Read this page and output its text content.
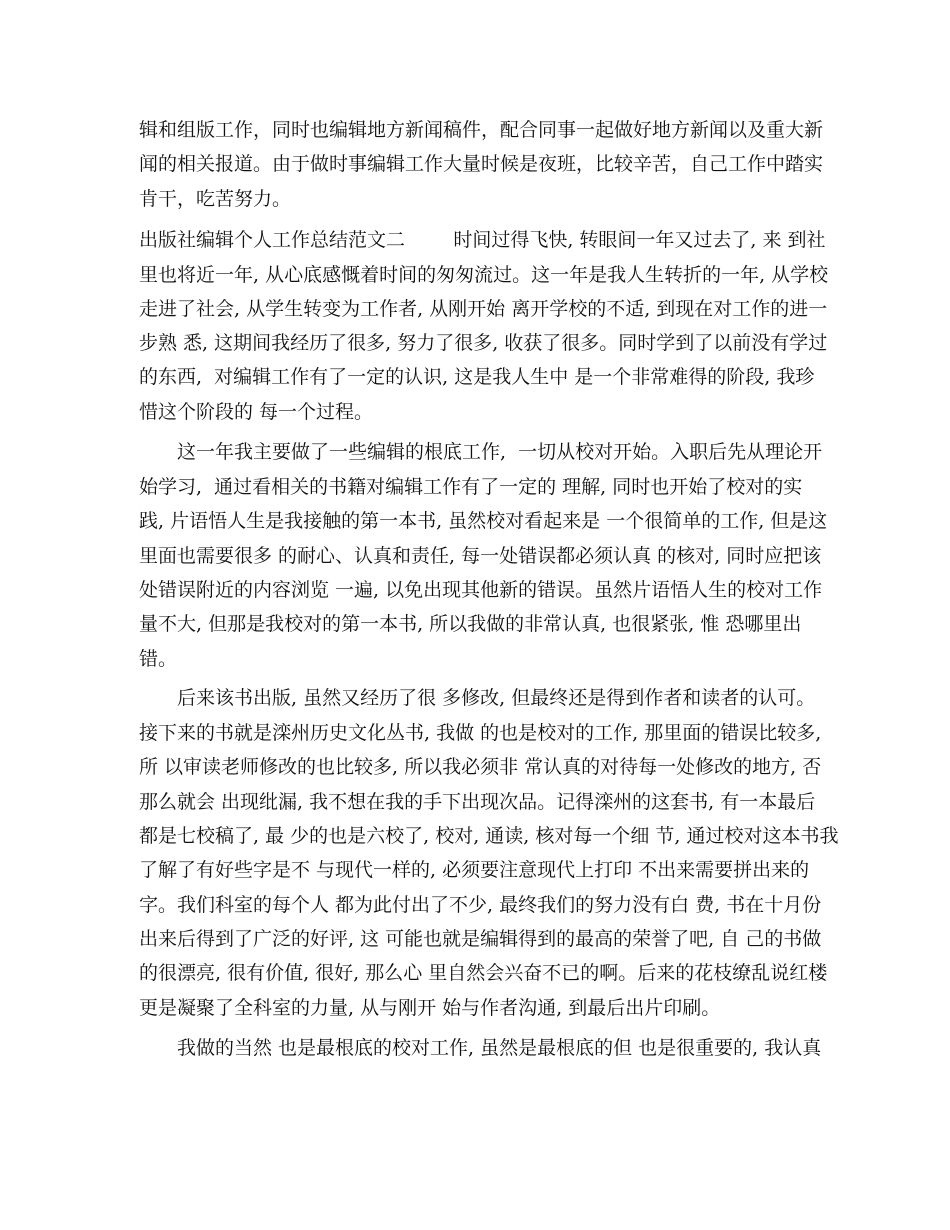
辑和组版工作，同时也编辑地方新闻稿件，配合同事一起做好地方新闻以及重大新
闻的相关报道。由于做时事编辑工作大量时候是夜班，比较辛苦，自己工作中踏实
肯干，吃苦努力。
出版社编辑个人工作总结范文二        时间过得飞快, 转眼间一年又过去了, 来 到社
里也将近一年, 从心底感慨着时间的匆匆流过。这一年是我人生转折的一年, 从学校
走进了社会, 从学生转变为工作者, 从刚开始 离开学校的不适, 到现在对工作的进一
步熟 悉, 这期间我经历了很多, 努力了很多, 收获了很多。同时学到了以前没有学过
的东西,  对编辑工作有了一定的认识, 这是我人生中 是一个非常难得的阶段, 我珍
惜这个阶段的 每一个过程。
这一年我主要做了一些编辑的根底工作,  一切从校对开始。入职后先从理论开
始学习,  通过看相关的书籍对编辑工作有了一定的 理解, 同时也开始了校对的实
践, 片语悟人生是我接触的第一本书, 虽然校对看起来是 一个很简单的工作, 但是这
里面也需要很多 的耐心、认真和责任, 每一处错误都必须认真 的核对, 同时应把该
处错误附近的内容浏览 一遍, 以免出现其他新的错误。虽然片语悟人生的校对工作
量不大, 但那是我校对的第一本书, 所以我做的非常认真, 也很紧张, 惟 恐哪里出
错。
后来该书出版, 虽然又经历了很 多修改, 但最终还是得到作者和读者的认可。
接下来的书就是滦州历史文化丛书, 我做 的也是校对的工作, 那里面的错误比较多,
所 以审读老师修改的也比较多, 所以我必须非 常认真的对待每一处修改的地方, 否
那么就会 出现纰漏, 我不想在我的手下出现次品。记得滦州的这套书, 有一本最后
都是七校稿了, 最 少的也是六校了, 校对, 通读, 核对每一个细 节, 通过校对这本书我
了解了有好些字是不 与现代一样的, 必须要注意现代上打印 不出来需要拼出来的
字。我们科室的每个人 都为此付出了不少, 最终我们的努力没有白 费, 书在十月份
出来后得到了广泛的好评, 这 可能也就是编辑得到的最高的荣誉了吧, 自 己的书做
的很漂亮, 很有价值, 很好, 那么心 里自然会兴奋不已的啊。后来的花枝缭乱说红楼
更是凝聚了全科室的力量, 从与刚开 始与作者沟通, 到最后出片印刷。
我做的当然 也是最根底的校对工作, 虽然是最根底的但 也是很重要的, 我认真
